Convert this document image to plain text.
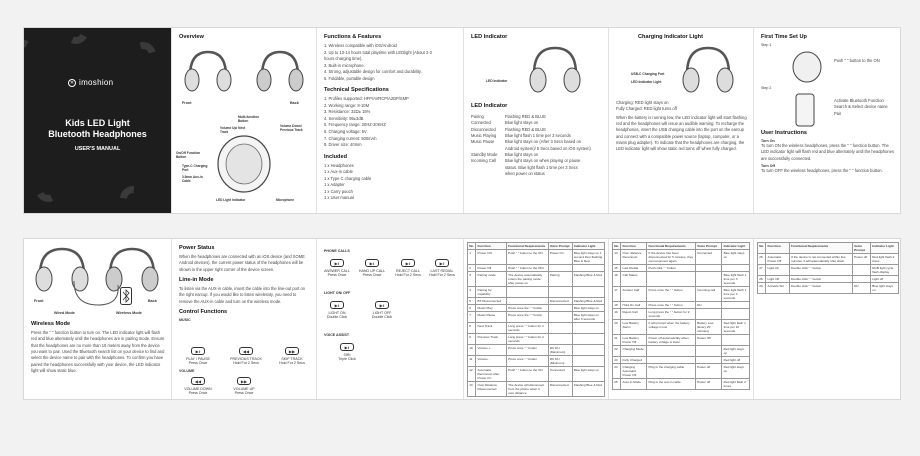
✕ imoshion
Kids LED Light
Bluetooth Headphones
USER'S MANUAL
Overview
Front	Back
Multi-function Button
Volume Up/ Next Track
Volume Down/ Previous Track
On/Off Function Button
Type-C Charging Port
3.5mm Aux-in Cable
LED Light Indicator	Microphone
Functions & Features
1. Wireless compatible with iOS/Android
2. Up to 13-14 hours total playtime with LEDlight (About 2-3
hours charging time).
3. Built-in microphone.
4. Strong, adjustable design for comfort and durability.
5. Foldable, portable design
Technical Specifications
1. Profiles supported: HFP/AVRCP/A2DP/SMP
2. Working range: 8-10M
3. Resistance: 32Ω± 15%
4. Sensitivity: 95±3dB
5. Frequency range: 20HZ-20KHZ
6. Charging voltage: 5V
7. Charging current: 500mAh
8. Driver size: 40mm
Included
1 x Headphones
1 x Aux-in cable
1 x Type C charging cable
1 x Adapter
1 x Carry pouch
1 x User manual
LED Indicator
LED Indicator
LED Indicator
Pairing	Flashing RED & BLUE
Connected	Blue light stays on
Disconnected	Flashing RED & BLUE
Music Playing	Blue light flash 1 time per 3 seconds
Music Pause	Blue light stays on (After 3 Secs based on
Android system)/ 5 Secs based on iOS system)
Standby Mode	Blue light stays on
Incoming Call	Blue light stays on when playing or pause
status. Blue light flash 1 time per 3 Secs
when power on status
Charging Indicator Light
USB-C Charging Port
LED Indicator Light
Charging: RED light stays on
Fully Charged: RED light turns off
When the battery is running low, the LED indicator light will start flashing red and the headphones will issue an audible warning. To recharge the headphones, insert the USB charging cable into the port on the earcup and connect with a compatible power source (laptop, computer, or a mains plug adapter). To indicate that the headphones are charging, the LED indicator light will show static red turns off when fully charged.
First Time Set Up
Step 1
Push " " button to the ON
Step 2
Activate Bluetooth Function Search & Select device name Pair
User Instructions
Turn On
To turn ON the wireless headphones, press the " " function button. The LED indicator light will flash red and blue alternately until the headphones are successfully connected.
Turn Off
To turn OFF the wireless headphones, press the " " function button.
Front	Back
Wired Mode	Wireless Mode
Wireless Mode
Press the " " function button to turn on. The LED indicator light will flash red and blue alternately until the headphones are in pairing mode. Ensure that the headphones are no more than 10 meters away from the device you want to pair. Used the Bluetooth search list on your device to find and select the device name to pair with the headphones. To confirm you have paired the headphones successfully with your device, the LED indicator light will show static blue.
Power Status
When the headphones are connected with an iOS device (and SOME Android devices), the current power status of the headphones will be shown in the upper right corner of the device screen.
Line-in Mode
To listen via the AUX-in cable, insert the cable into the line-out port on the right earcup. If you would like to listen wirelessly, you need to remove the AUX-in cable and turn on the wireless mode.
Control Functions
MUSIC
▶‖
PLAY / PAUSE
Press Once
◀◀
PREVIOUS TRACK
Hold For 2 Secs
▶▶
SKIP TRACK
Hold For 2 Secs
VOLUME
◀◀
VOLUME DOWN
Press Once
▶▶
VOLUME UP
Press Once
PHONE CALLS
▶‖
ANSWER CALL
Press Once
▶‖
HANG UP CALL
Press Once
▶‖
REJECT CALL
Hold For 2 Secs
▶‖
LAST REDIAL
Hold For 2 Secs
LIGHT ON/ OFF
▶‖
LIGHT ON
Double Click
▶‖
LIGHT OFF
Double Click
VOICE ASSIST
▶‖
SIRI
Triple Click
No.	Function	Functional Requirements	Voice Prompt	Indicator Light
1	Power ON	Push " " button to the ON	Power On	Blue light stays on 1 second then flashing Blue & Red
2	Power Off	Push " " button to the OFF		
3	Pairing mode	The device automatically enters the pairing mode after power on	Pairing	Flashing Blue & Red
4	Pairing for capability			
5	BT Disconnected		Disconnected	Flashing Blue & Red
6	Music Play	Press once the " " button		Blue light stays on
7	Music Pause	Press once the " " button		Blue light stays on after 3 seconds
8	Next Track	Long press " " button for 2 seconds		
9	Previous Track	Long press " " button for 2 seconds		
10	Volume +	Press once " " button	DU DU (Maximum)	
11	Volume -	Press once " " button	DU DU (Minimum)	
12	Automatic Reconnect after Power On	Push " " button to the ON	Connected	Blue light stays on
13	Over Distance Disconnected	The device will disconnect from the phone when it over distance	Disconnected	Flashing Blue & Red
No.	Function	Functional Requirements	Voice Prompt	Indicator Light
14	Over distance Reconnect	If the device has been disconnected for 5 minutes, they can reconnect again	Connected	Blue light stays on
15	Last Redial	Push click " " button		
16	Call Status			Blue light flash 1 time per 3 seconds
17	Answer Call	Press once the " " button	Incoming call	Blue light flash 1 time per 3 seconds
18	Hold On Call	Press once the " " button	DU	
19	Reject Call	Long press the " " button for 2 seconds		
20	Low Battery Alarm	It will prompt when the battery voltage is low	Battery Low (Every 20 minutes)	Red light flash 1 time per 10 seconds
21	Low Battery Power Off	Power off automatically when battery voltage is lower	Power Off	
22	Charging Mode			Red light stays on
23	Fully Charged			Red light off
24	Charging Automatic Power Off	Plug in the charging cable	Power off	Red light stays on
25	Auto-in Mode	Plug in the aux-in cable	Power off	Red light flash 2 times
No.	Function	Functional Requirements	Voice Prompt	Indicator Light
26	Automatic Power Off	If the device is not connected within five minutes, it will automatically shut down	Power off	Red light flash 2 times
27	Light On	Double click " " button		RGB light cycle flash display
28	Light Off	Double click " " button		Light off
29	Activate Siri	Double click " " button	DU	Blue light stays on
